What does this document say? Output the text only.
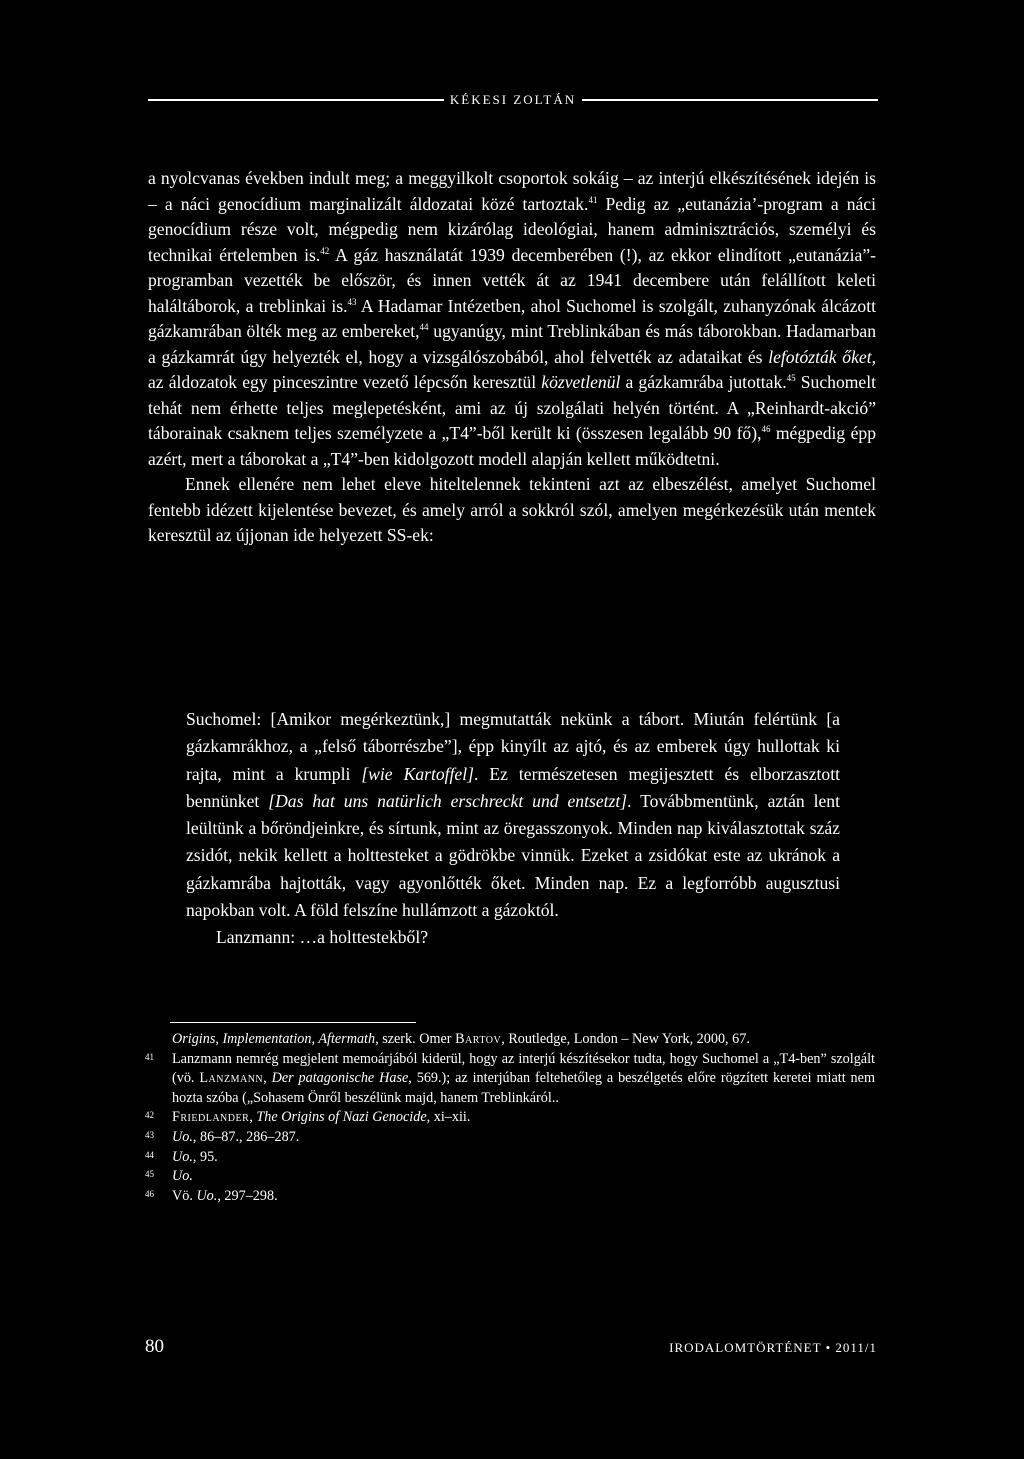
KÉKESI ZOLTÁN

a nyolcvanas években indult meg; a meggyilkolt csoportok sokáig – az interjú elkészítésének idején is – a náci genocídium marginalizált áldozatai közé tartoztak.$^{41}$ Pedig az „eutanázia’-program a náci genocídium része volt, mégpedig nem kizárólag ideológiai, hanem adminisztrációs, személyi és technikai értelemben is.$^{42}$ A gáz használatát 1939 decemberében (!), az ekkor elindított „eutanázia”-programban vezették be először, és innen vették át az 1941 decembere után felállított keleti haláltáborok, a treblinkai is.$^{43}$ A Hadamar Intézetben, ahol Suchomel is szolgált, zuhanyzónak álcázott gázkamrában ölték meg az embereket,$^{44}$ ugyanúgy, mint Treblinkában és más táborokban. Hadamarban a gázkamrát úgy helyezték el, hogy a vizsgálószobából, ahol felvették az adataikat és lefotózták őket, az áldozatok egy pinceszintre vezető lépcsőn keresztül közvetlenül a gázkamrába jutottak.$^{45}$ Suchomelt tehát nem érhette teljes meglepetésként, ami az új szolgálati helyén történt. A „Reinhardt-akció” táborainak csaknem teljes személyzete a „T4”-ből került ki (összesen legalább 90 fő),$^{46}$ mégpedig épp azért, mert a táborokat a „T4”-ben kidolgozott modell alapján kellett működtetni.

Ennek ellenére nem lehet eleve hiteltelennek tekinteni azt az elbeszélést, amelyet Suchomel fentebb idézett kijelentése bevezet, és amely arról a sokkról szól, amelyen megérkezésük után mentek keresztül az újjonan ide helyezett SS-ek:

Suchomel: [Amikor megérkeztünk,] megmutatták nekünk a tábort. Miután felértünk [a gázkamrákhoz, a „felső táborrészbe”], épp kinyílt az ajtó, és az emberek úgy hullottak ki rajta, mint a krumpli [wie Kartoffel]. Ez természetesen megijesztett és elborzasztott bennünket [Das hat uns natürlich erschreckt und entsetzt]. Továbbmentünk, aztán lent leültünk a bőröndjeinkre, és sírtunk, mint az öregasszonyok. Minden nap kiválasztottak száz zsidót, nekik kellett a holttesteket a gödrökbe vinnük. Ezeket a zsidókat este az ukránok a gázkamrába hajtották, vagy agyonlőtték őket. Minden nap. Ez a legforróbb augusztusi napokban volt. A föld felszíne hullámzott a gázoktól.

Lanzmann: …a holttestekből?

Origins, Implementation, Aftermath, szerk. Omer Bartov, Routledge, London – New York, 2000, 67.
41	Lanzmann nemrég megjelent memoárjából kiderül, hogy az interjú készítésekor tudta, hogy Suchomel a „T4-ben” szolgált (vö. Lanzmann, Der patagonische Hase, 569.); az interjúban feltehetőleg a beszélgetés előre rögzített keretei miatt nem hozta szóba („Sohasem Önről beszélünk majd, hanem Treblinkáról..
42	Friedlander, The Origins of Nazi Genocide, xi–xii.
43	Uo., 86–87., 286–287.
44	Uo., 95.
45	Uo.
46	Vö. Uo., 297–298.
80	IRODALOMTÖRTÉNET • 2011/1
